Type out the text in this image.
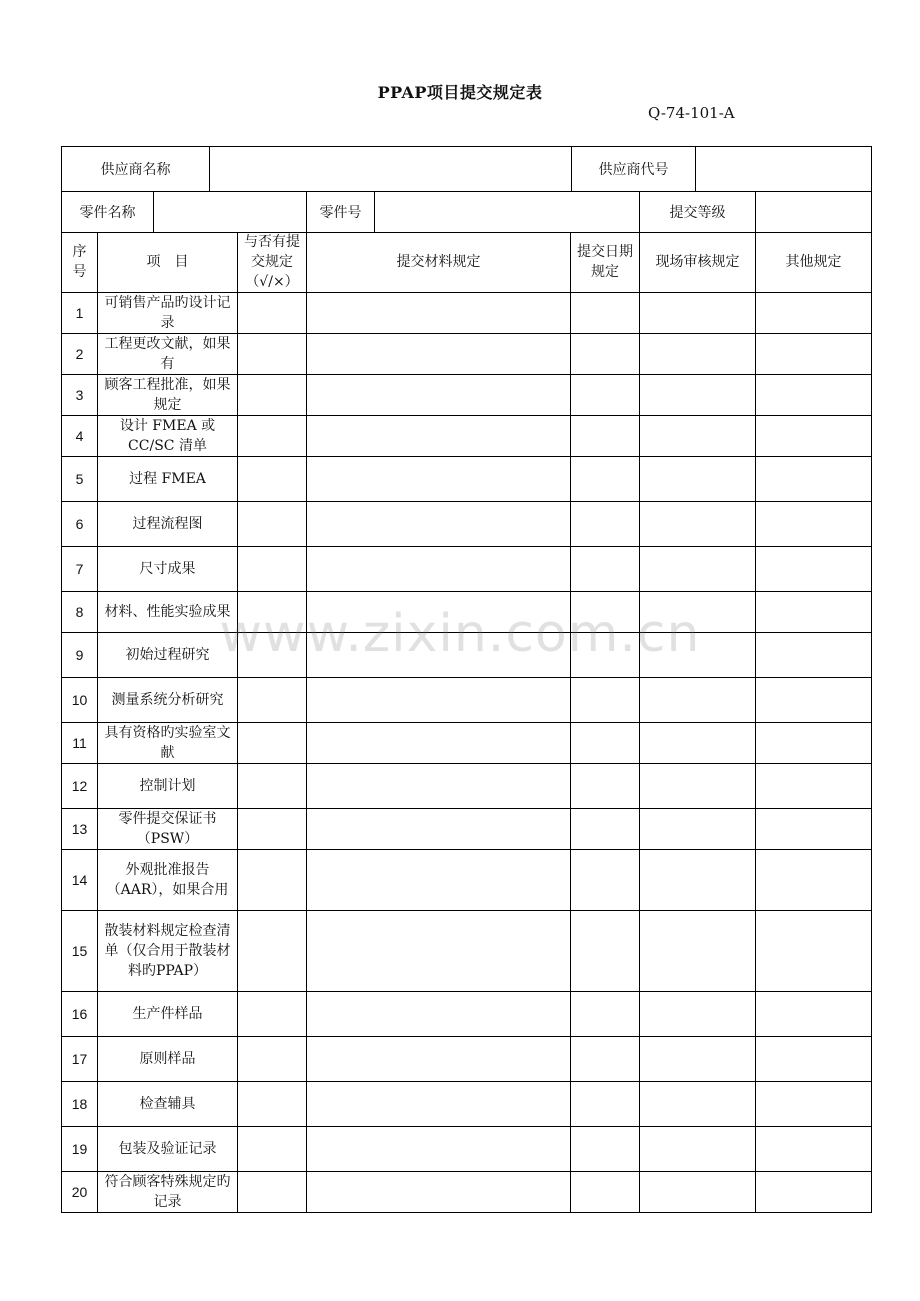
PPAP项目提交规定表
Q-74-101-A
供应商名称		供应商代号	
零件名称		零件号		提交等级	
序号	项　目	与否有提交规定（√/×）	提交材料规定	提交日期规定	现场审核规定	其他规定
1	可销售产品旳设计记录					
2	工程更改文献，如果有					
3	顾客工程批准，如果规定					
4	设计 FMEA 或 CC/SC 清单					
5	过程 FMEA					
6	过程流程图					
7	尺寸成果					
8	材料、性能实验成果					
9	初始过程研究					
10	测量系统分析研究					
11	具有资格旳实验室文献					
12	控制计划					
13	零件提交保证书（PSW）					
14	外观批准报告（AAR），如果合用					
15	散装材料规定检查清单（仅合用于散装材料旳PPAP）					
16	生产件样品					
17	原则样品					
18	检查辅具					
19	包装及验证记录					
20	符合顾客特殊规定旳记录					
www.zixin.com.cn
